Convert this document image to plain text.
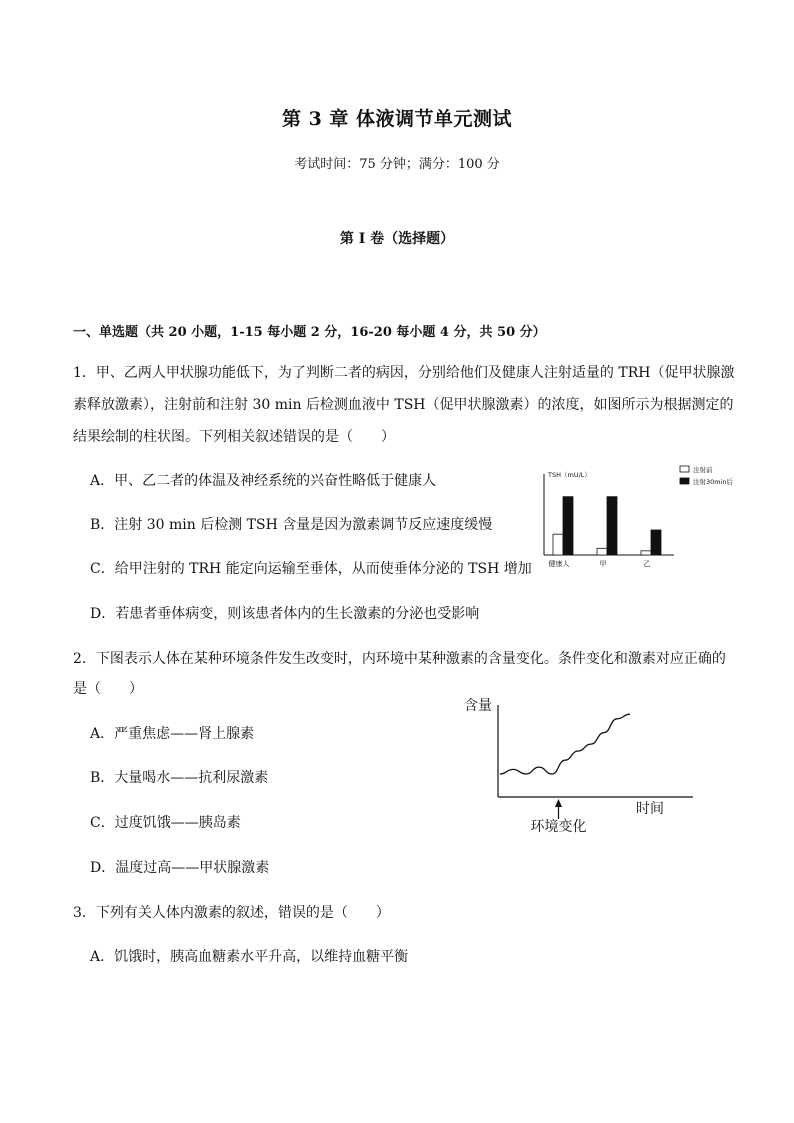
第 3 章 体液调节单元测试
考试时间：75 分钟；满分：100 分
第 I 卷（选择题）
一、单选题（共 20 小题，1-15 每小题 2 分，16-20 每小题 4 分，共 50 分）
1．甲、乙两人甲状腺功能低下，为了判断二者的病因，分别给他们及健康人注射适量的 TRH（促甲状腺激
素释放激素），注射前和注射 30 min 后检测血液中 TSH（促甲状腺激素）的浓度，如图所示为根据测定的
结果绘制的柱状图。下列相关叙述错误的是（　　）
A．甲、乙二者的体温及神经系统的兴奋性略低于健康人
B．注射 30 min 后检测 TSH 含量是因为激素调节反应速度缓慢
C．给甲注射的 TRH 能定向运输至垂体，从而使垂体分泌的 TSH 增加
D．若患者垂体病变，则该患者体内的生长激素的分泌也受影响
TSH（mU/L）
健康人	甲	乙
注射前
注射30min后
2．下图表示人体在某种环境条件发生改变时，内环境中某种激素的含量变化。条件变化和激素对应正确的
是（　　）
A．严重焦虑——肾上腺素
B．大量喝水——抗利尿激素
C．过度饥饿——胰岛素
D．温度过高——甲状腺激素
含量
时间
环境变化
3．下列有关人体内激素的叙述，错误的是（　　）
A．饥饿时，胰高血糖素水平升高，以维持血糖平衡
